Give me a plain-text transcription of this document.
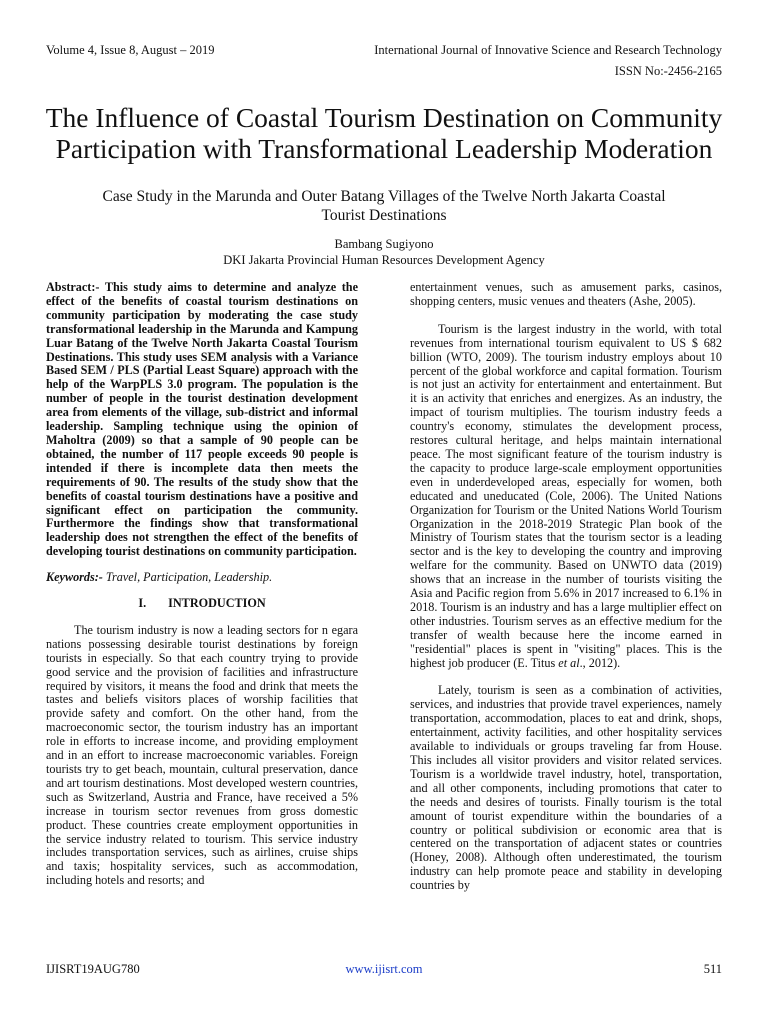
Volume 4, Issue 8, August – 2019	International Journal of Innovative Science and Research Technology
ISSN No:-2456-2165
The Influence of Coastal Tourism Destination on Community Participation with Transformational Leadership Moderation
Case Study in the Marunda and Outer Batang Villages of the Twelve North Jakarta Coastal Tourist Destinations
Bambang Sugiyono
DKI Jakarta Provincial Human Resources Development Agency

Abstract:- This study aims to determine and analyze the effect of the benefits of coastal tourism destinations on community participation by moderating the case study transformational leadership in the Marunda and Kampung Luar Batang of the Twelve North Jakarta Coastal Tourism Destinations. This study uses SEM analysis with a Variance Based SEM / PLS (Partial Least Square) approach with the help of the WarpPLS 3.0 program. The population is the number of people in the tourist destination development area from elements of the village, sub-district and informal leadership. Sampling technique using the opinion of Maholtra (2009) so that a sample of 90 people can be obtained, the number of 117 people exceeds 90 people is intended if there is incomplete data then meets the requirements of 90. The results of the study show that the benefits of coastal tourism destinations have a positive and significant effect on participation the community. Furthermore the findings show that transformational leadership does not strengthen the effect of the benefits of developing tourist destinations on community participation.

Keywords:- Travel, Participation, Leadership.

I. INTRODUCTION

The tourism industry is now a leading sectors for n egara nations possessing desirable tourist destinations by foreign tourists in especially. So that each country trying to provide good service and the provision of facilities and infrastructure required by visitors, it means the food and drink that meets the tastes and beliefs visitors places of worship facilities that provide safety and comfort. On the other hand, from the macroeconomic sector, the tourism industry has an important role in efforts to increase income, and providing employment and in an effort to increase macroeconomic variables. Foreign tourists try to get beach, mountain, cultural preservation, dance and art tourism destinations. Most developed western countries, such as Switzerland, Austria and France, have received a 5% increase in tourism sector revenues from gross domestic product. These countries create employment opportunities in the service industry related to tourism. This service industry includes transportation services, such as airlines, cruise ships and taxis; hospitality services, such as accommodation, including hotels and resorts; and

entertainment venues, such as amusement parks, casinos, shopping centers, music venues and theaters (Ashe, 2005).

Tourism is the largest industry in the world, with total revenues from international tourism equivalent to US $ 682 billion (WTO, 2009). The tourism industry employs about 10 percent of the global workforce and capital formation. Tourism is not just an activity for entertainment and entertainment. But it is an activity that enriches and energizes. As an industry, the impact of tourism multiplies. The tourism industry feeds a country's economy, stimulates the development process, restores cultural heritage, and helps maintain international peace. The most significant feature of the tourism industry is the capacity to produce large-scale employment opportunities even in underdeveloped areas, especially for women, both educated and uneducated (Cole, 2006). The United Nations Organization for Tourism or the United Nations World Tourism Organization in the 2018-2019 Strategic Plan book of the Ministry of Tourism states that the tourism sector is a leading sector and is the key to developing the country and improving welfare for the community. Based on UNWTO data (2019) shows that an increase in the number of tourists visiting the Asia and Pacific region from 5.6% in 2017 increased to 6.1% in 2018. Tourism is an industry and has a large multiplier effect on other industries. Tourism serves as an effective medium for the transfer of wealth because here the income earned in "residential" places is spent in "visiting" places. This is the highest job producer (E. Titus et al., 2012).

Lately, tourism is seen as a combination of activities, services, and industries that provide travel experiences, namely transportation, accommodation, places to eat and drink, shops, entertainment, activity facilities, and other hospitality services available to individuals or groups traveling far from House. This includes all visitor providers and visitor related services. Tourism is a worldwide travel industry, hotel, transportation, and all other components, including promotions that cater to the needs and desires of tourists. Finally tourism is the total amount of tourist expenditure within the boundaries of a country or political subdivision or economic area that is centered on the transportation of adjacent states or countries (Honey, 2008). Although often underestimated, the tourism industry can help promote peace and stability in developing countries by

IJISRT19AUG780	www.ijisrt.com	511
